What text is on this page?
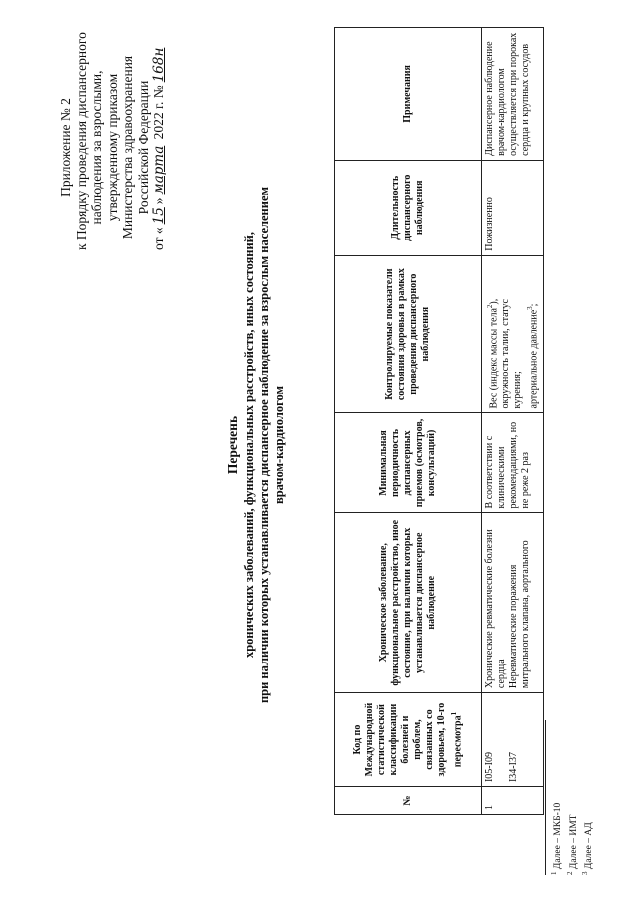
Приложение № 2 к Порядку проведения диспансерного наблюдения за взрослыми, утвержденному приказом Министерства здравоохранения Российской Федерации
от «15»марта 2022 г. №168н
Перечень хронических заболеваний, функциональных расстройств, иных состояний, при наличии которых устанавливается диспансерное наблюдение за взрослым населением врачом-кардиологом
№	Код по Международной статистической классификации болезней и проблем, связанных со здоровьем, 10-го пересмотра$^1$	Хроническое заболевание, функциональное расстройство, иное состояние, при наличии которых устанавливается диспансерное наблюдение	Минимальная периодичность диспансерных приемов (осмотров, консультаций)	Контролируемые показатели состояния здоровья в рамках проведения диспансерного наблюдения	Длительность диспансерного наблюдения	Примечания
1	I05-I09 I34-I37	Хронические ревматические болезни сердца Неревматические поражения митрального клапана, аортального	В соответствии с клиническими рекомендациями, но не реже 2 раз	Вес (индекс массы тела$^2$), окружность талии, статус курения; артериальное давление$^3$;	Пожизненно	Диспансерное наблюдение врачом-кардиологом осуществляется при пороках сердца и крупных сосудов
$^1$ Далее – МКБ-10
$^2$ Далее – ИМТ
$^3$ Далее – АД
